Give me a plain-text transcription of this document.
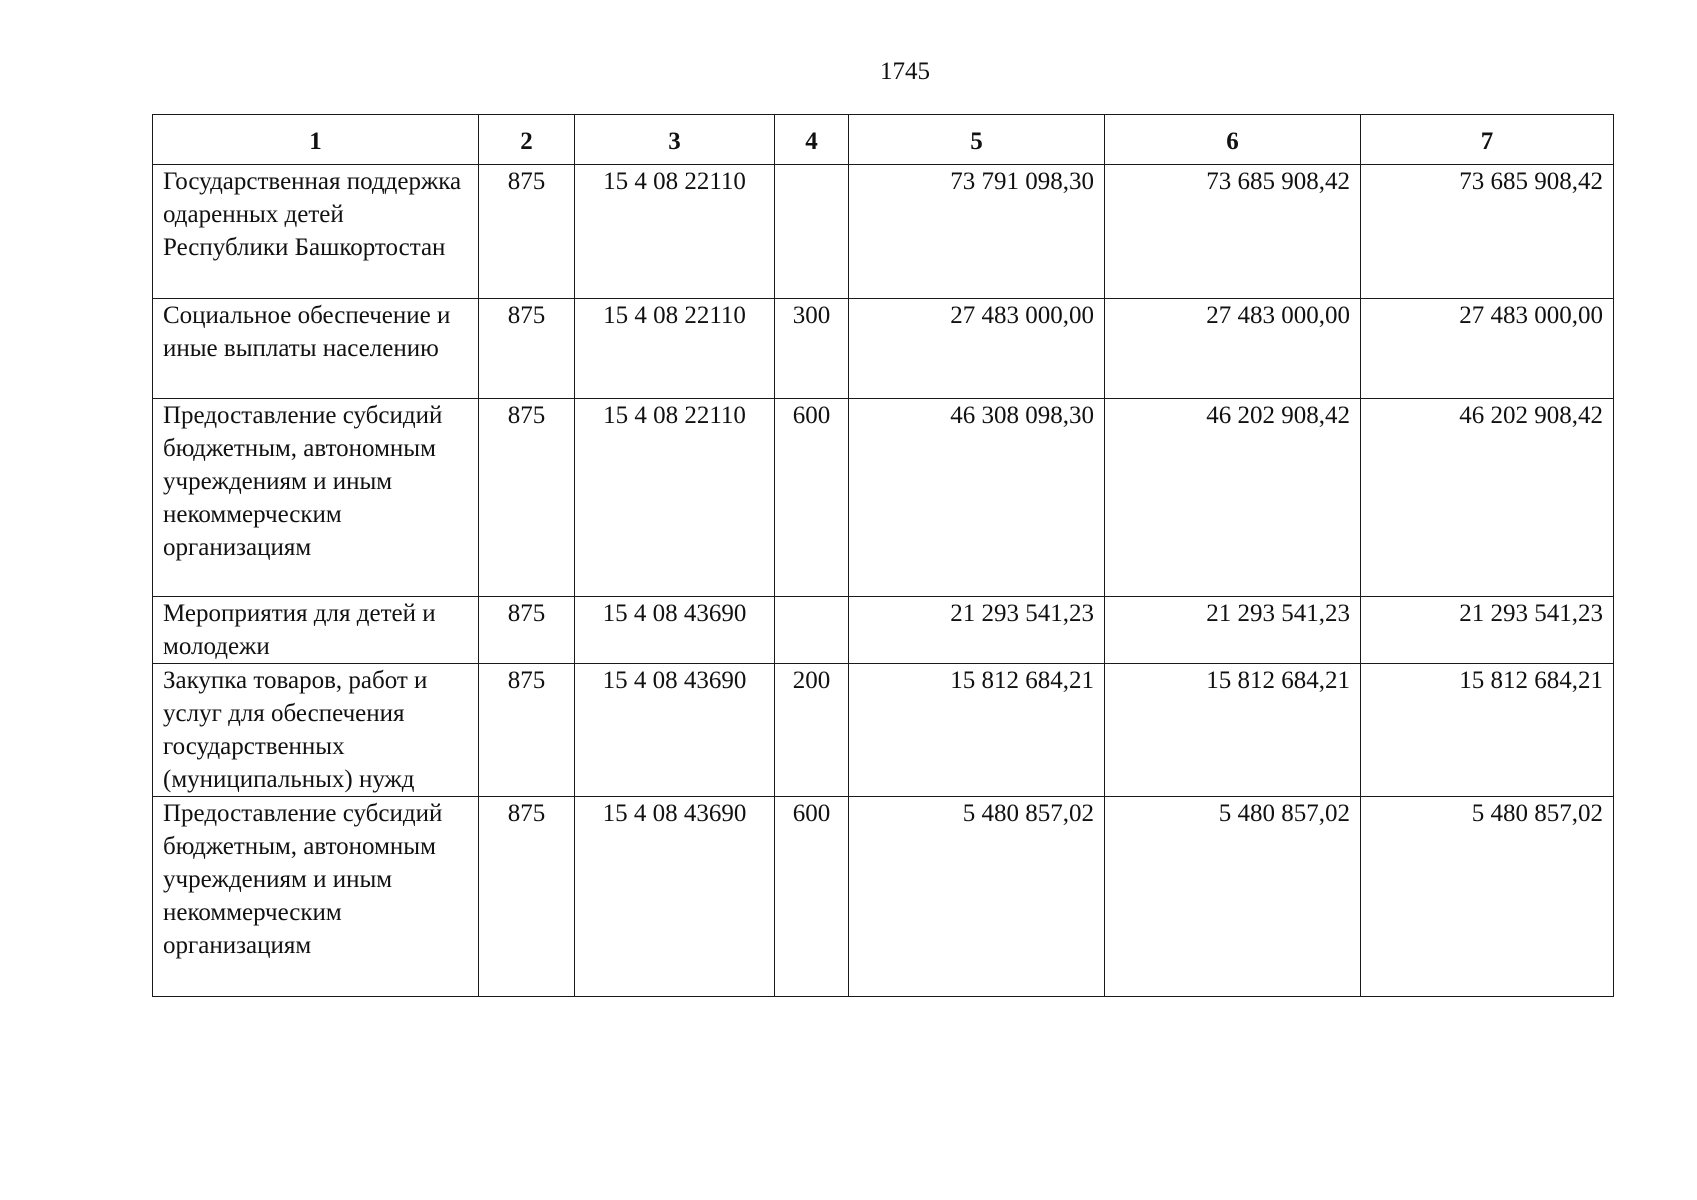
1745
1	2	3	4	5	6	7
Государственная поддержка одаренных детей Республики Башкортостан	875	15 4 08 22110		73 791 098,30	73 685 908,42	73 685 908,42
Социальное обеспечение и иные выплаты населению	875	15 4 08 22110	300	27 483 000,00	27 483 000,00	27 483 000,00
Предоставление субсидий бюджетным, автономным учреждениям и иным некоммерческим организациям	875	15 4 08 22110	600	46 308 098,30	46 202 908,42	46 202 908,42
Мероприятия для детей и молодежи	875	15 4 08 43690		21 293 541,23	21 293 541,23	21 293 541,23
Закупка товаров, работ и услуг для обеспечения государственных (муниципальных) нужд	875	15 4 08 43690	200	15 812 684,21	15 812 684,21	15 812 684,21
Предоставление субсидий бюджетным, автономным учреждениям и иным некоммерческим организациям	875	15 4 08 43690	600	5 480 857,02	5 480 857,02	5 480 857,02
